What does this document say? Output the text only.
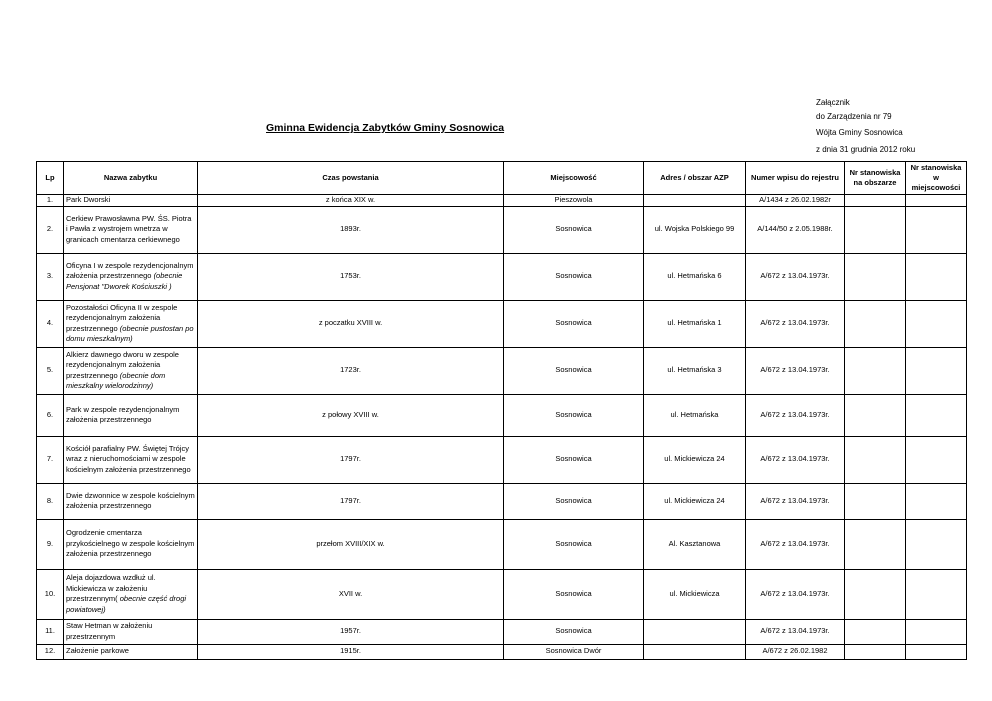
Załącznik
do Zarządzenia nr 79
Wójta Gminy Sosnowica
z dnia 31 grudnia 2012 roku
Gminna Ewidencja Zabytków Gminy Sosnowica
Lp	Nazwa zabytku	Czas powstania	Miejscowość	Adres / obszar AZP	Numer wpisu do rejestru	Nr stanowiska na obszarze	Nr stanowiska w miejscowości
1.	Park Dworski	z końca XIX w.	Pieszowola		A/1434 z 26.02.1982r		
2.	Cerkiew Prawosławna PW. ŚS. Piotra i Pawła z wystrojem wnetrza w granicach cmentarza cerkiewnego	1893r.	Sosnowica	ul. Wojska Polskiego 99	A/144/50 z 2.05.1988r.		
3.	Oficyna I w zespole rezydencjonalnym założenia przestrzennego (obecnie Pensjonat "Dworek Kościuszki )	1753r.	Sosnowica	ul. Hetmańska 6	A/672 z 13.04.1973r.		
4.	Pozostałości Oficyna II w zespole rezydencjonalnym założenia przestrzennego (obecnie pustostan po domu mieszkalnym)	z poczatku XVIII w.	Sosnowica	ul. Hetmańska 1	A/672 z 13.04.1973r.		
5.	Alkierz dawnego dworu w zespole rezydencjonalnym założenia przestrzennego (obecnie dom mieszkalny wielorodzinny)	1723r.	Sosnowica	ul. Hetmańska 3	A/672 z 13.04.1973r.		
6.	Park w zespole rezydencjonalnym założenia przestrzennego	z połowy XVIII w.	Sosnowica	ul. Hetmańska	A/672 z 13.04.1973r.		
7.	Kościół parafialny PW. Świętej Trójcy wraz z nieruchomościami w zespole kościelnym założenia przestrzennego	1797r.	Sosnowica	ul. Mickiewicza 24	A/672 z 13.04.1973r.		
8.	Dwie dzwonnice w zespole kościelnym założenia przestrzennego	1797r.	Sosnowica	ul. Mickiewicza 24	A/672 z 13.04.1973r.		
9.	Ogrodzenie cmentarza przykościelnego w zespole kościelnym założenia przestrzennego	przełom XVIII/XIX w.	Sosnowica	Al. Kasztanowa	A/672 z 13.04.1973r.		
10.	Aleja dojazdowa wzdłuż ul. Mickiewicza w założeniu przestrzennym( obecnie część drogi powiatowej)	XVII w.	Sosnowica	ul. Mickiewicza	A/672 z 13.04.1973r.		
11.	Staw Hetman w założeniu przestrzennym	1957r.	Sosnowica		A/672 z 13.04.1973r.		
12.	Założenie parkowe	1915r.	Sosnowica Dwór		A/672 z 26.02.1982		
